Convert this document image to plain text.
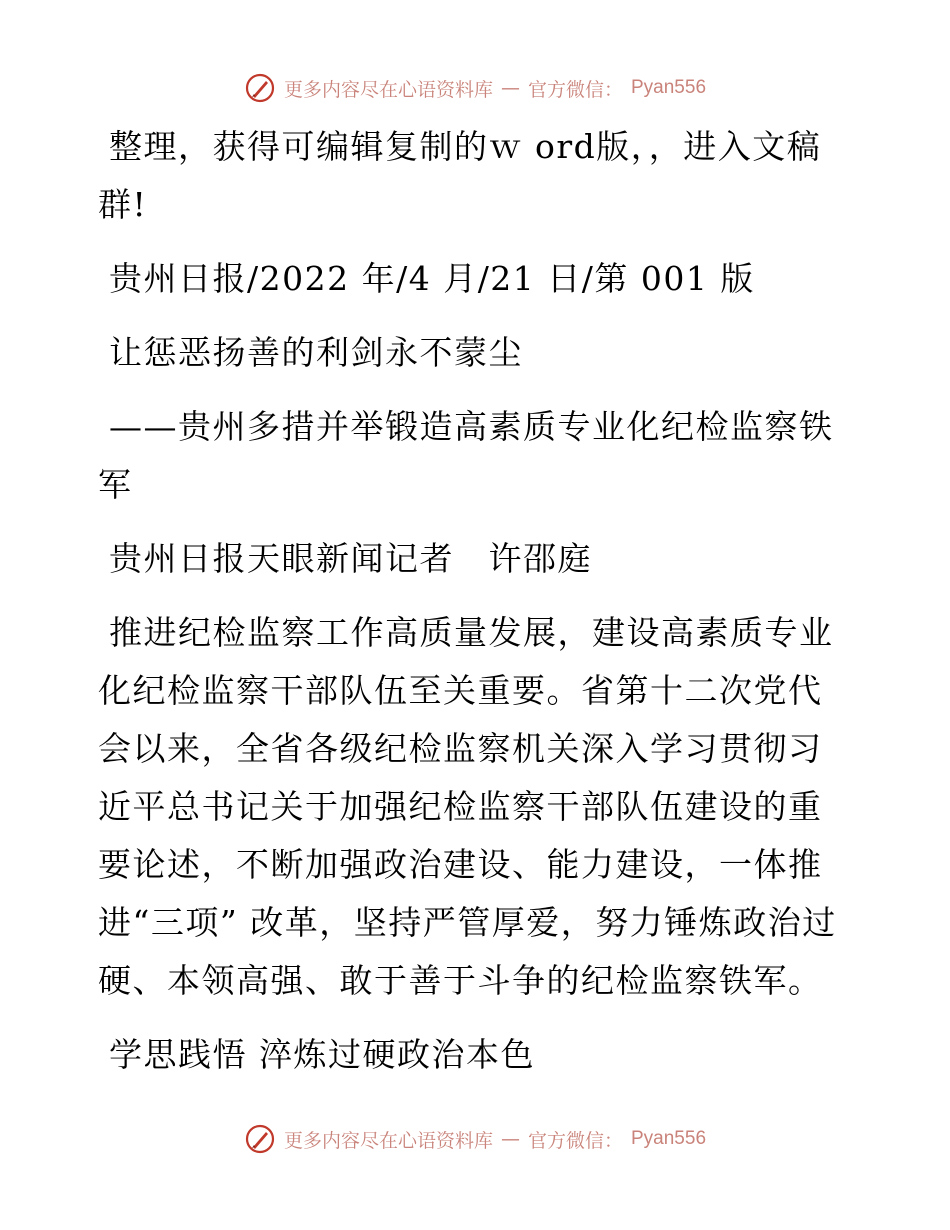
更多内容尽在心语资料库 — 官方微信： Pyan556

整理，获得可编辑复制的ｗ ord版，，进入文稿群!

贵州日报/2022 年/4 月/21 日/第 001 版

让惩恶扬善的利剑永不蒙尘

——贵州多措并举锻造高素质专业化纪检监察铁军

贵州日报天眼新闻记者　许邵庭

推进纪检监察工作高质量发展，建设高素质专业化纪检监察干部队伍至关重要。省第十二次党代会以来，全省各级纪检监察机关深入学习贯彻习近平总书记关于加强纪检监察干部队伍建设的重要论述，不断加强政治建设、能力建设，一体推进“三项” 改革，坚持严管厚爱，努力锤炼政治过硬、本领高强、敢于善于斗争的纪检监察铁军。

学思践悟 淬炼过硬政治本色

更多内容尽在心语资料库 — 官方微信： Pyan556
